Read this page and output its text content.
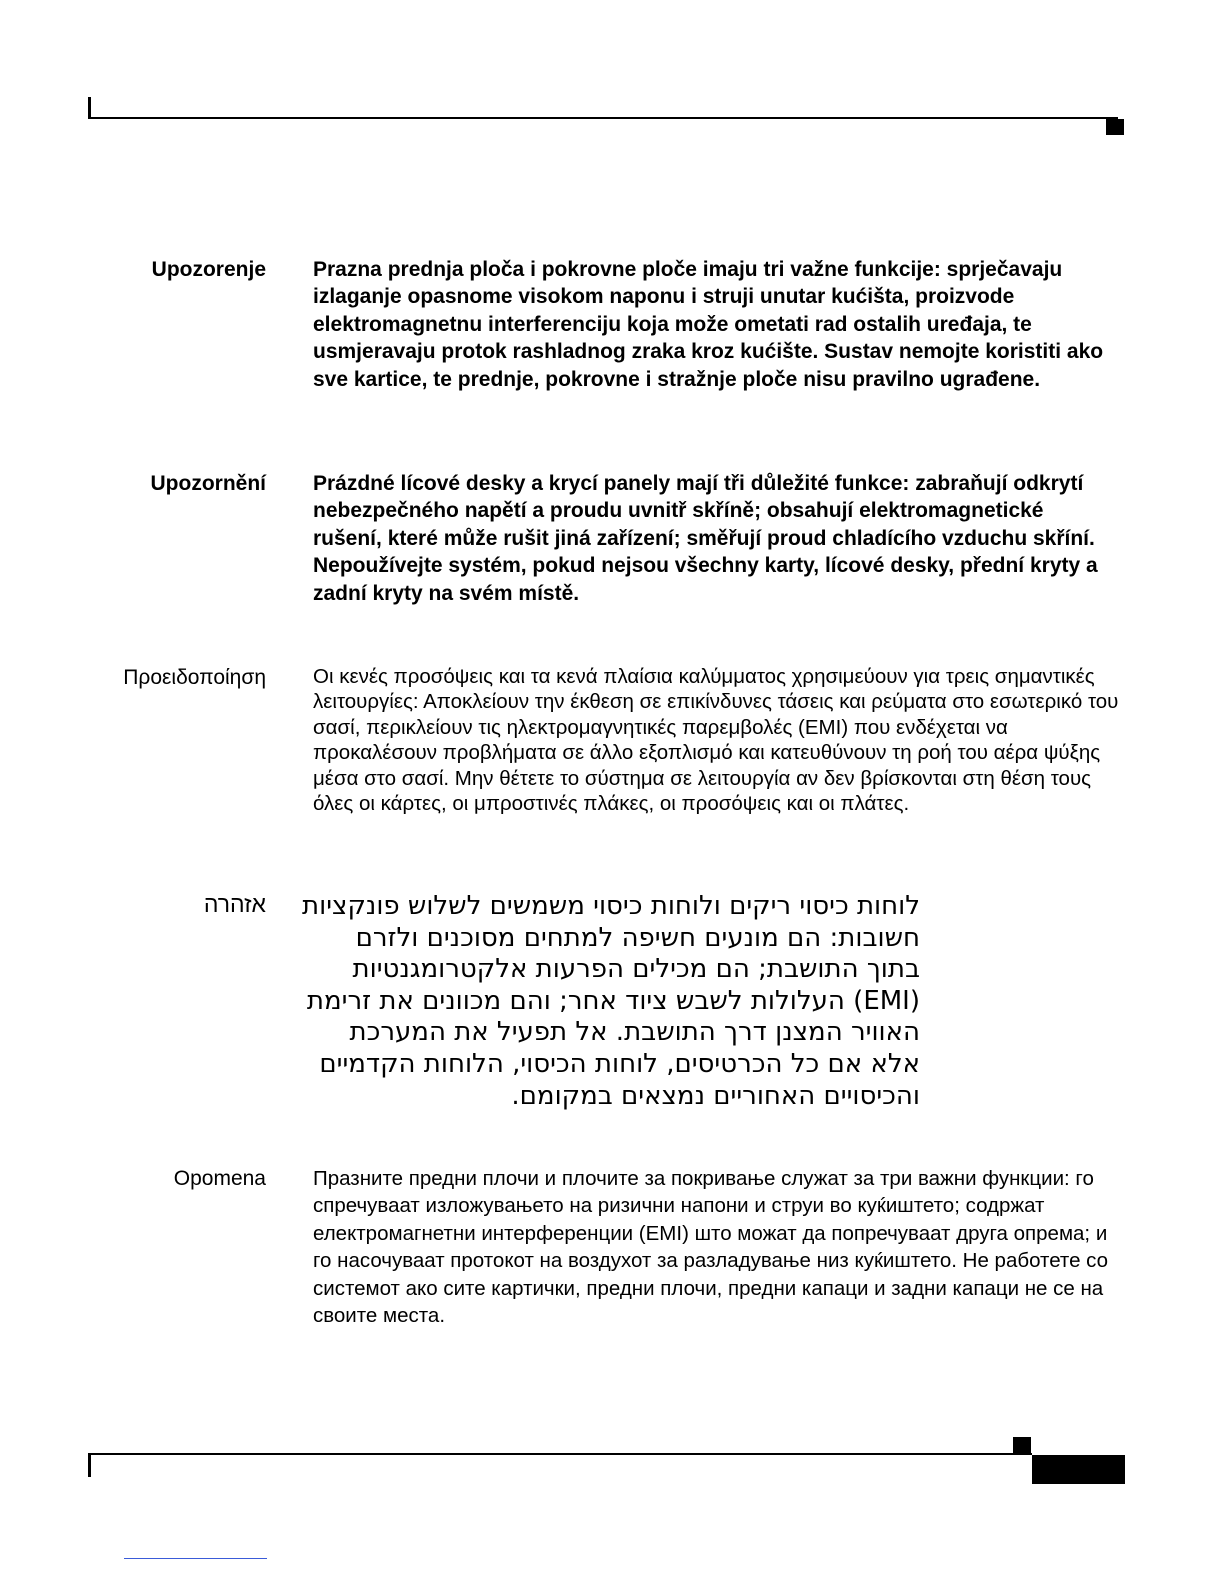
Upozorenje Prazna prednja ploča i pokrovne ploče imaju tri važne funkcije: sprječavaju izlaganje opasnome visokom naponu i struji unutar kućišta, proizvode elektromagnetnu interferenciju koja može ometati rad ostalih uređaja, te usmjeravaju protok rashladnog zraka kroz kućište. Sustav nemojte koristiti ako sve kartice, te prednje, pokrovne i stražnje ploče nisu pravilno ugrađene.

Upozornění Prázdné lícové desky a krycí panely mají tři důležité funkce: zabraňují odkrytí nebezpečného napětí a proudu uvnitř skříně; obsahují elektromagnetické rušení, které může rušit jiná zařízení; směřují proud chladícího vzduchu skříní. Nepoužívejte systém, pokud nejsou všechny karty, lícové desky, přední kryty a zadní kryty na svém místě.

Προειδοποίηση Οι κενές προσόψεις και τα κενά πλαίσια καλύμματος χρησιμεύουν για τρεις σημαντικές λειτουργίες: Αποκλείουν την έκθεση σε επικίνδυνες τάσεις και ρεύματα στο εσωτερικό του σασί, περικλείουν τις ηλεκτρομαγνητικές παρεμβολές (EMI) που ενδέχεται να προκαλέσουν προβλήματα σε άλλο εξοπλισμό και κατευθύνουν τη ροή του αέρα ψύξης μέσα στο σασί. Μην θέτετε το σύστημα σε λειτουργία αν δεν βρίσκονται στη θέση τους όλες οι κάρτες, οι μπροστινές πλάκες, οι προσόψεις και οι πλάτες.

אזהרה לוחות כיסוי ריקים ולוחות כיסוי משמשים לשלוש פונקציות חשובות: הם מונעים חשיפה למתחים מסוכנים ולזרם בתוך התושבת; הם מכילים הפרעות אלקטרומגנטיות (EMI) העלולות לשבש ציוד אחר; והם מכוונים את זרימת האוויר המצנן דרך התושבת. אל תפעיל את המערכת אלא אם כל הכרטיסים, לוחות הכיסוי, הלוחות הקדמיים והכיסויים האחוריים נמצאים במקומם.

Opomena Празните предни плочи и плочите за покривање служат за три важни функции: го спречуваат изложувањето на ризични напони и струи во куќиштето; содржат електромагнетни интерференции (EMI) што можат да попречуваат друга опрема; и го насочуваат протокот на воздухот за разладување низ куќиштето. Не работете со системот ако сите картички, предни плочи, предни капаци и задни капаци не се на своите места.
